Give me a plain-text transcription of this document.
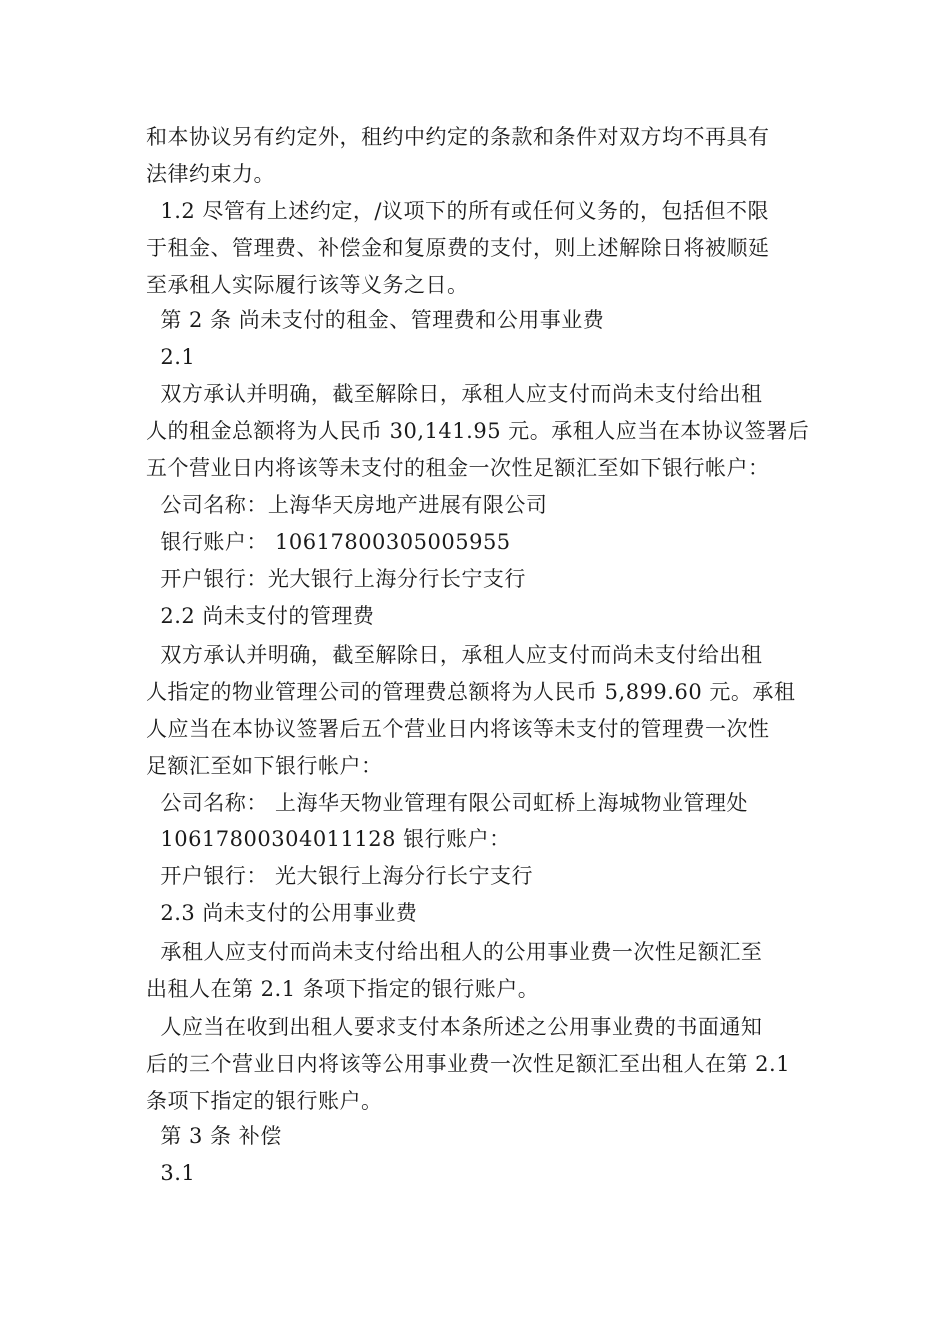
和本协议另有约定外，租约中约定的条款和条件对双方均不再具有
法律约束力。
1.2 尽管有上述约定，/议项下的所有或任何义务的，包括但不限
于租金、管理费、补偿金和复原费的支付，则上述解除日将被顺延
至承租人实际履行该等义务之日。
第 2 条 尚未支付的租金、管理费和公用事业费
2.1
双方承认并明确，截至解除日，承租人应支付而尚未支付给出租
人的租金总额将为人民币 30,141.95 元。承租人应当在本协议签署后
五个营业日内将该等未支付的租金一次性足额汇至如下银行帐户：
公司名称：上海华天房地产进展有限公司
银行账户： 10617800305005955
开户银行：光大银行上海分行长宁支行
2.2 尚未支付的管理费
双方承认并明确，截至解除日，承租人应支付而尚未支付给出租
人指定的物业管理公司的管理费总额将为人民币 5,899.60 元。承租
人应当在本协议签署后五个营业日内将该等未支付的管理费一次性
足额汇至如下银行帐户：
公司名称： 上海华天物业管理有限公司虹桥上海城物业管理处
10617800304011128 银行账户：
开户银行： 光大银行上海分行长宁支行
2.3 尚未支付的公用事业费
承租人应支付而尚未支付给出租人的公用事业费一次性足额汇至
出租人在第 2.1 条项下指定的银行账户。
人应当在收到出租人要求支付本条所述之公用事业费的书面通知
后的三个营业日内将该等公用事业费一次性足额汇至出租人在第 2.1
条项下指定的银行账户。
第 3 条 补偿
3.1
